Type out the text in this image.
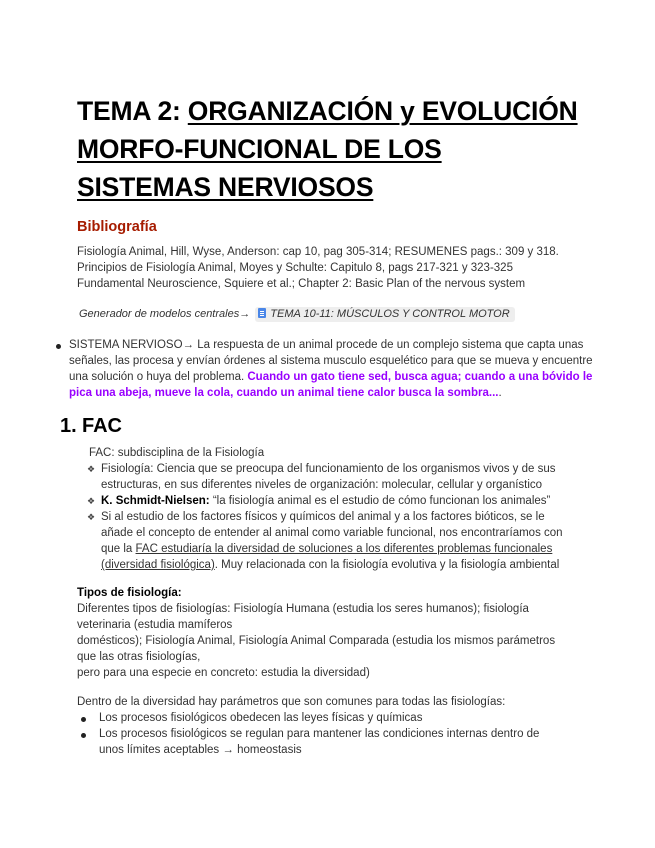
TEMA 2: ORGANIZACIÓN y EVOLUCIÓN
MORFO-FUNCIONAL DE LOS
SISTEMAS NERVIOSOS
Bibliografía
Fisiología Animal, Hill, Wyse, Anderson: cap 10, pag 305-314; RESUMENES pags.: 309 y 318.
Principios de Fisiología Animal, Moyes y Schulte: Capitulo 8, pags 217-321 y 323-325
Fundamental Neuroscience, Squiere et al.; Chapter 2: Basic Plan of the nervous system
Generador de modelos centrales→ TEMA 10-11: MÚSCULOS Y CONTROL MOTOR
SISTEMA NERVIOSO→ La respuesta de un animal procede de un complejo sistema que capta unas
señales, las procesa y envían órdenes al sistema musculo esquelético para que se mueva y encuentre
una solución o huya del problema. Cuando un gato tiene sed, busca agua; cuando a una bóvido le
pica una abeja, mueve la cola, cuando un animal tiene calor busca la sombra....
1. FAC
FAC: subdisciplina de la Fisiología
❖ Fisiología: Ciencia que se preocupa del funcionamiento de los organismos vivos y de sus
estructuras, en sus diferentes niveles de organización: molecular, cellular y organístico
❖ K. Schmidt-Nielsen: “la fisiología animal es el estudio de cómo funcionan los animales”
❖ Si al estudio de los factores físicos y químicos del animal y a los factores bióticos, se le
añade el concepto de entender al animal como variable funcional, nos encontraríamos con
que la FAC estudiaría la diversidad de soluciones a los diferentes problemas funcionales
(diversidad fisiológica). Muy relacionada con la fisiología evolutiva y la fisiología ambiental
Tipos de fisiología:
Diferentes tipos de fisiologías: Fisiología Humana (estudia los seres humanos); fisiología
veterinaria (estudia mamíferos
domésticos); Fisiología Animal, Fisiología Animal Comparada (estudia los mismos parámetros
que las otras fisiologías,
pero para una especie en concreto: estudia la diversidad)
Dentro de la diversidad hay parámetros que son comunes para todas las fisiologías:
Los procesos fisiológicos obedecen las leyes físicas y químicas
Los procesos fisiológicos se regulan para mantener las condiciones internas dentro de
unos límites aceptables → homeostasis
